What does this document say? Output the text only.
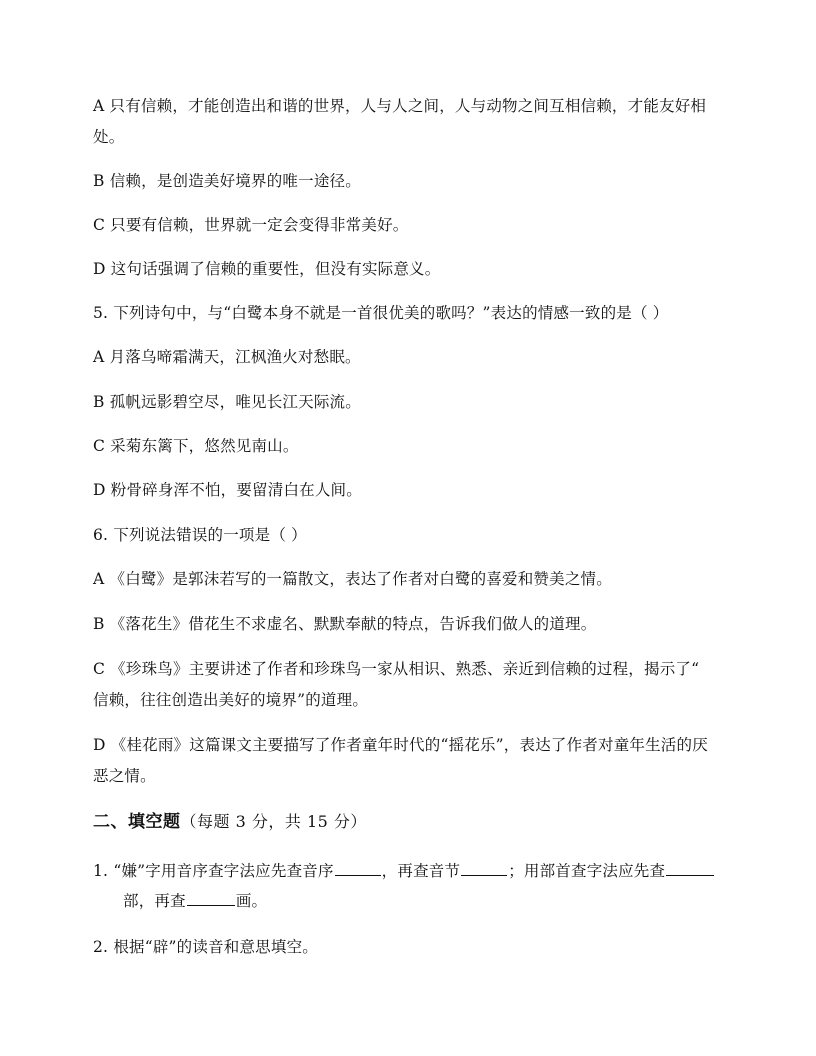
A 只有信赖，才能创造出和谐的世界，人与人之间，人与动物之间互相信赖，才能友好相
处。
B 信赖，是创造美好境界的唯一途径。
C 只要有信赖，世界就一定会变得非常美好。
D 这句话强调了信赖的重要性，但没有实际意义。
5. 下列诗句中，与“白鹭本身不就是一首很优美的歌吗？”表达的情感一致的是（ ）
A 月落乌啼霜满天，江枫渔火对愁眠。
B 孤帆远影碧空尽，唯见长江天际流。
C 采菊东篱下，悠然见南山。
D 粉骨碎身浑不怕，要留清白在人间。
6. 下列说法错误的一项是（ ）
A 《白鹭》是郭沫若写的一篇散文，表达了作者对白鹭的喜爱和赞美之情。
B 《落花生》借花生不求虚名、默默奉献的特点，告诉我们做人的道理。
C 《珍珠鸟》主要讲述了作者和珍珠鸟一家从相识、熟悉、亲近到信赖的过程，揭示了“
信赖，往往创造出美好的境界”的道理。
D 《桂花雨》这篇课文主要描写了作者童年时代的“摇花乐”，表达了作者对童年生活的厌
恶之情。
二、填空题（每题 3 分，共 15 分）
1. “嫌”字用音序查字法应先查音序	，再查音节	；用部首查字法应先查
部，再查	画。
2. 根据“辟”的读音和意思填空。
